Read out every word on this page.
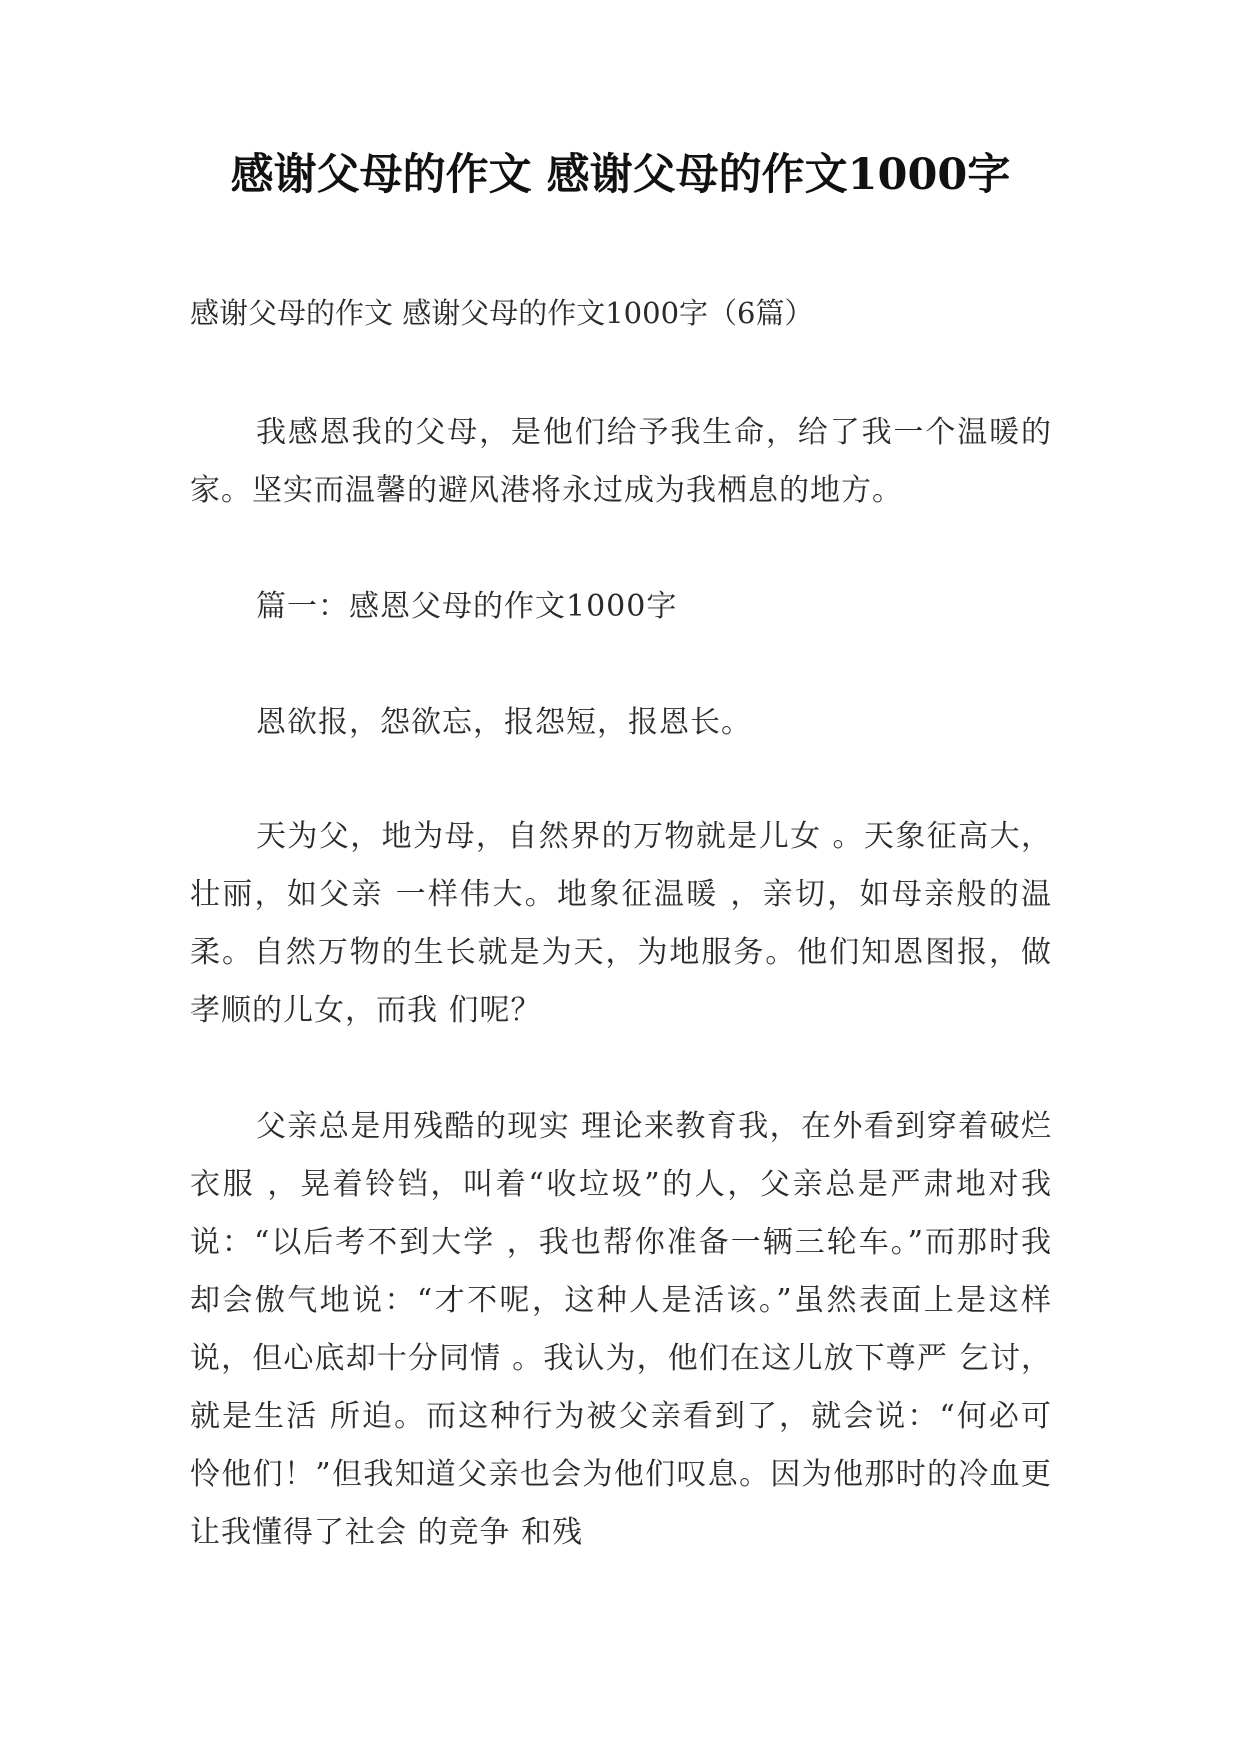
感谢父母的作文 感谢父母的作文1000字
感谢父母的作文 感谢父母的作文1000字（6篇）
我感恩我的父母，是他们给予我生命，给了我一个温暖的家。坚实而温馨的避风港将永过成为我栖息的地方。
篇一：感恩父母的作文1000字
恩欲报，怨欲忘，报怨短，报恩长。
天为父，地为母，自然界的万物就是儿女 。天象征高大，壮丽，如父亲 一样伟大。地象征温暖 ，亲切，如母亲般的温柔。自然万物的生长就是为天，为地服务。他们知恩图报，做孝顺的儿女，而我 们呢？
父亲总是用残酷的现实 理论来教育我，在外看到穿着破烂衣服 ，晃着铃铛，叫着“收垃圾”的人，父亲总是严肃地对我说：“以后考不到大学 ，我也帮你准备一辆三轮车。”而那时我却会傲气地说：“才不呢，这种人是活该。”虽然表面上是这样说，但心底却十分同情 。我认为，他们在这儿放下尊严 乞讨，就是生活 所迫。而这种行为被父亲看到了，就会说：“何必可怜他们！”但我知道父亲也会为他们叹息。因为他那时的冷血更让我懂得了社会 的竞争 和残
